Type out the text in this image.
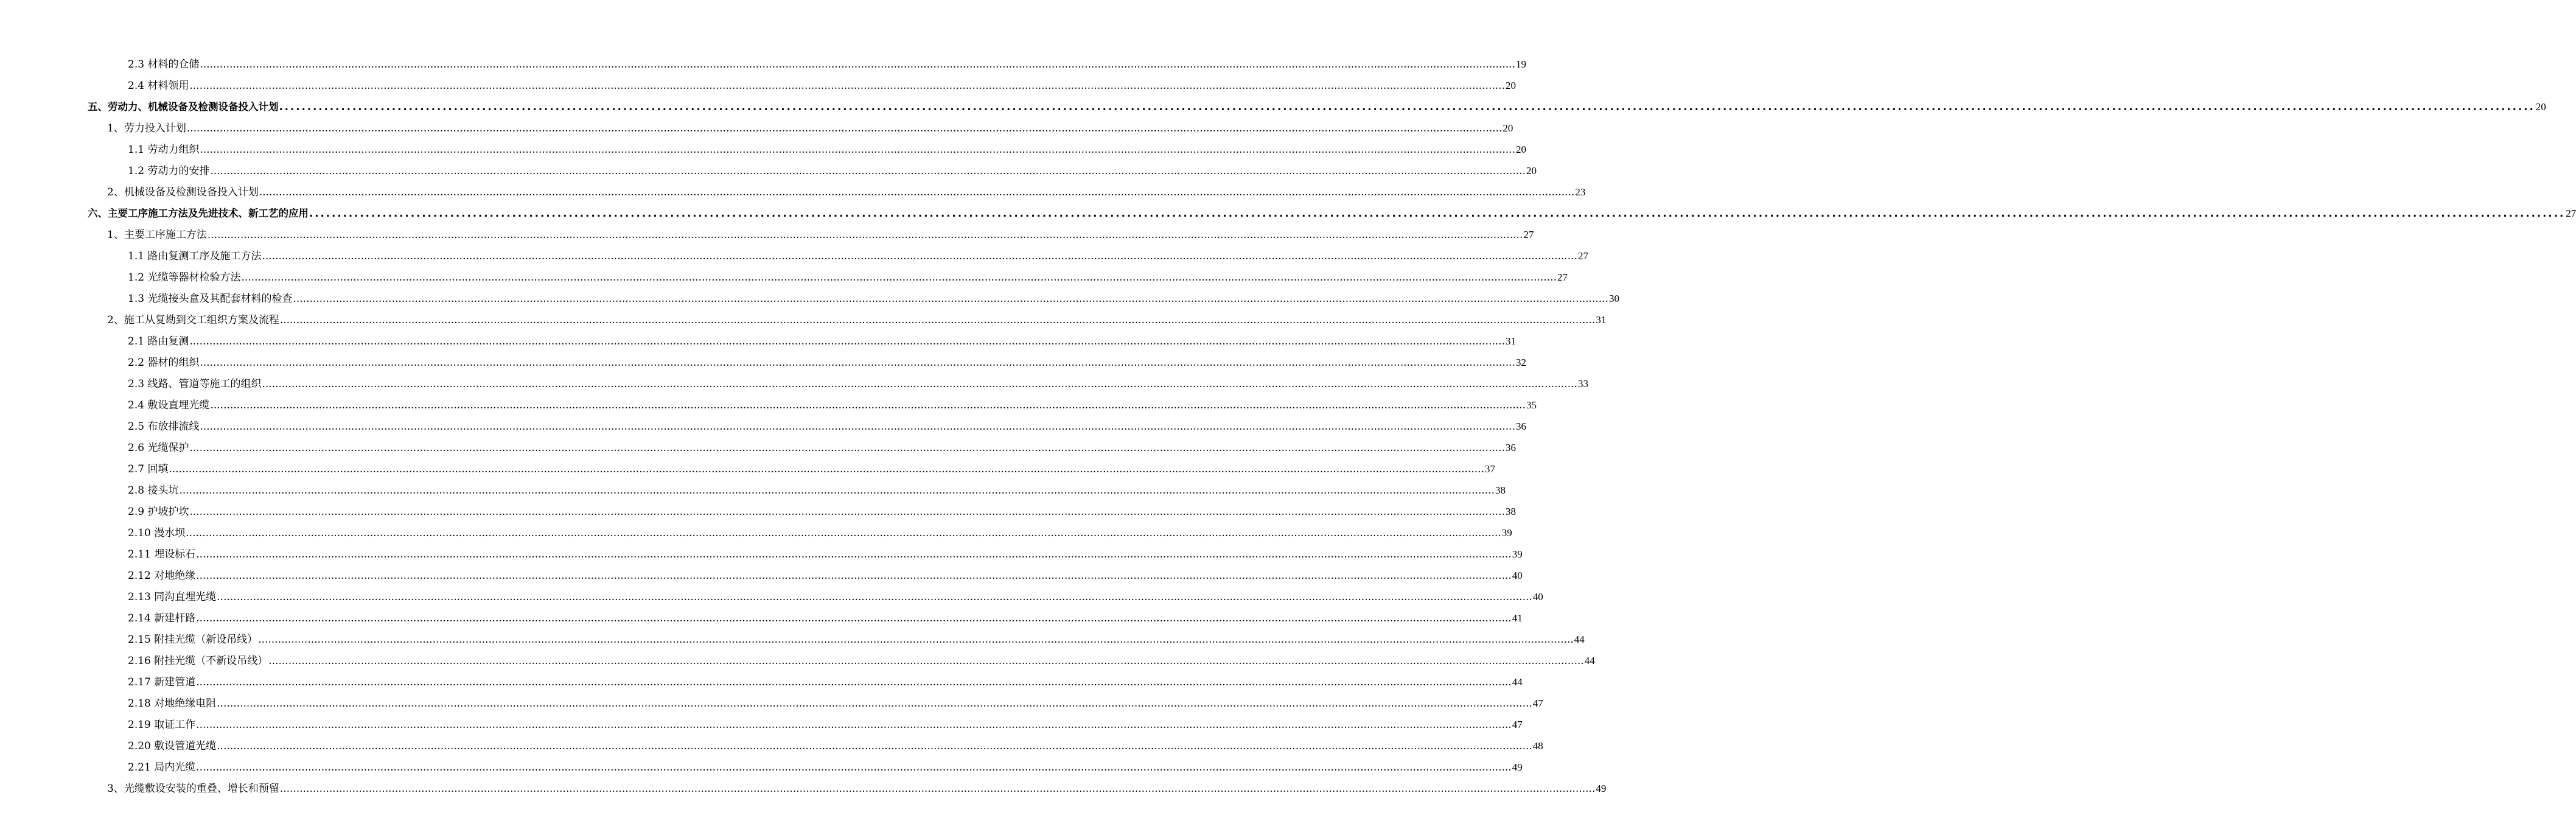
2.3 材料的仓储 ................................................................................................................................................................................................................................................................................................................................................................................................................ 19
2.4 材料领用 ................................................................................................................................................................................................................................................................................................................................................................................................................ 20
五、劳动力、机械设备及检测设备投入计划 ................................................................................................................................................................................................................................................................................................................................................................................................................ 20
1、劳力投入计划 ................................................................................................................................................................................................................................................................................................................................................................................................................ 20
1.1 劳动力组织 ................................................................................................................................................................................................................................................................................................................................................................................................................ 20
1.2 劳动力的安排 ................................................................................................................................................................................................................................................................................................................................................................................................................ 20
2、机械设备及检测设备投入计划 ................................................................................................................................................................................................................................................................................................................................................................................................................ 23
六、主要工序施工方法及先进技术、新工艺的应用 ................................................................................................................................................................................................................................................................................................................................................................................................................ 27
1、主要工序施工方法 ................................................................................................................................................................................................................................................................................................................................................................................................................ 27
1.1 路由复测工序及施工方法 ................................................................................................................................................................................................................................................................................................................................................................................................................ 27
1.2 光缆等器材检验方法 ................................................................................................................................................................................................................................................................................................................................................................................................................ 27
1.3 光缆接头盒及其配套材料的检查 ................................................................................................................................................................................................................................................................................................................................................................................................................ 30
2、施工从复勘到交工组织方案及流程 ................................................................................................................................................................................................................................................................................................................................................................................................................ 31
2.1 路由复测 ................................................................................................................................................................................................................................................................................................................................................................................................................ 31
2.2 器材的组织 ................................................................................................................................................................................................................................................................................................................................................................................................................ 32
2.3 线路、管道等施工的组织 ................................................................................................................................................................................................................................................................................................................................................................................................................ 33
2.4 敷设直埋光缆 ................................................................................................................................................................................................................................................................................................................................................................................................................ 35
2.5 布放排流线 ................................................................................................................................................................................................................................................................................................................................................................................................................ 36
2.6 光缆保护 ................................................................................................................................................................................................................................................................................................................................................................................................................ 36
2.7 回填 ................................................................................................................................................................................................................................................................................................................................................................................................................ 37
2.8 接头坑 ................................................................................................................................................................................................................................................................................................................................................................................................................ 38
2.9 护坡护坎 ................................................................................................................................................................................................................................................................................................................................................................................................................ 38
2.10 漫水坝 ................................................................................................................................................................................................................................................................................................................................................................................................................ 39
2.11 埋设标石 ................................................................................................................................................................................................................................................................................................................................................................................................................ 39
2.12 对地绝缘 ................................................................................................................................................................................................................................................................................................................................................................................................................ 40
2.13 同沟直埋光缆 ................................................................................................................................................................................................................................................................................................................................................................................................................ 40
2.14 新建杆路 ................................................................................................................................................................................................................................................................................................................................................................................................................ 41
2.15 附挂光缆（新设吊线） ................................................................................................................................................................................................................................................................................................................................................................................................................ 44
2.16 附挂光缆（不新设吊线） ................................................................................................................................................................................................................................................................................................................................................................................................................ 44
2.17 新建管道 ................................................................................................................................................................................................................................................................................................................................................................................................................ 44
2.18 对地绝缘电阻 ................................................................................................................................................................................................................................................................................................................................................................................................................ 47
2.19 取证工作 ................................................................................................................................................................................................................................................................................................................................................................................................................ 47
2.20 敷设管道光缆 ................................................................................................................................................................................................................................................................................................................................................................................................................ 48
2.21 局内光缆 ................................................................................................................................................................................................................................................................................................................................................................................................................ 49
3、光缆敷设安装的重叠、增长和预留 ................................................................................................................................................................................................................................................................................................................................................................................................................ 49
